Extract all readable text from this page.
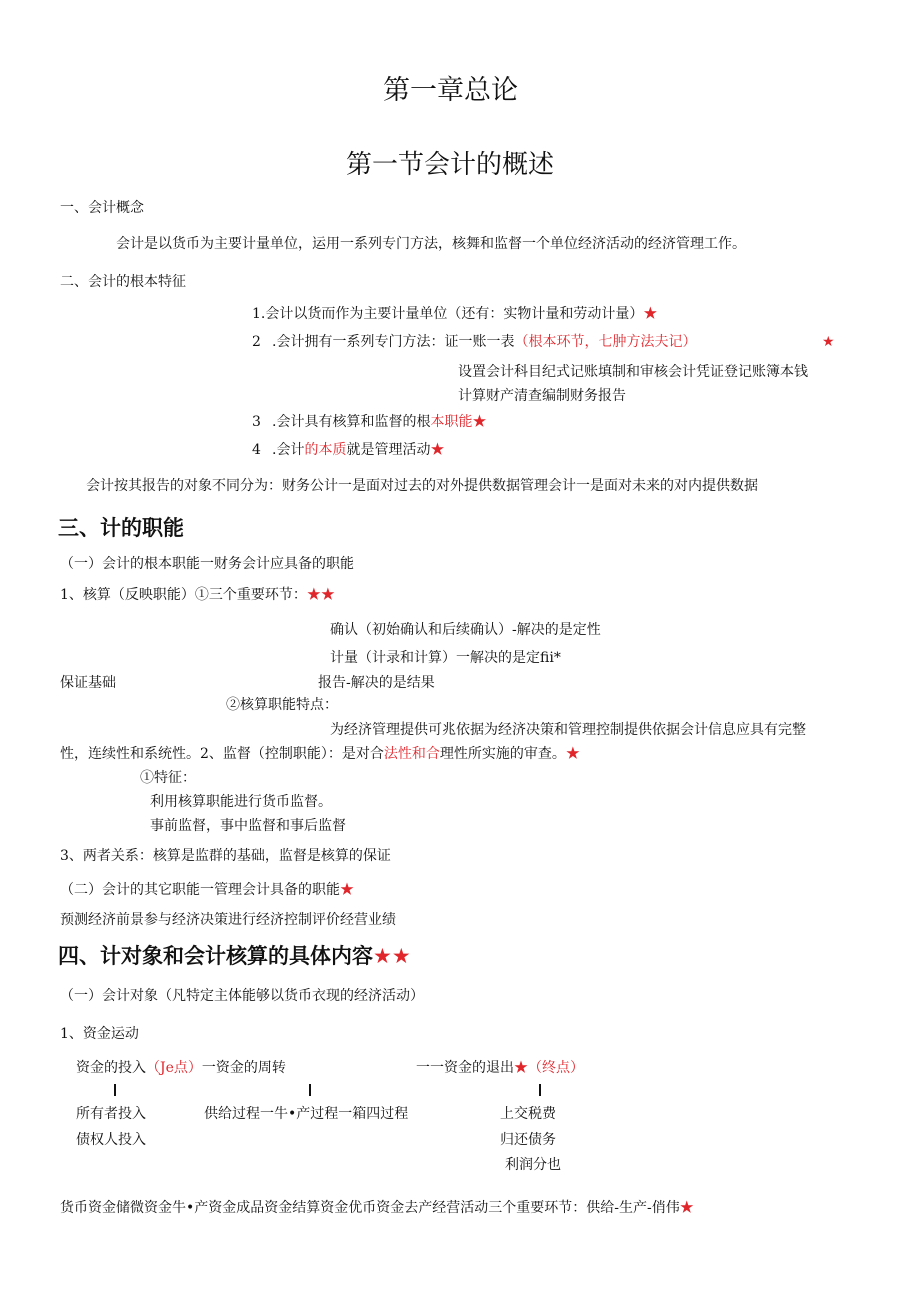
第一章总论
第一节会计的概述
一、会计概念
会计是以货币为主要计量单位，运用一系列专门方法，核舞和监督一个单位经济活动的经济管理工作。
二、会计的根本特征
1.会计以货而作为主要计量单位（还有：实物计量和劳动计量）★
2 .会计拥有一系列专门方法：证一账一表（根本环节，七肿方法夫记）	★
设置会计科目纪式记账填制和审核会计凭证登记账簿本钱
计算财产清查编制财务报告
3 .会计具有核算和监督的根本职能★
4 .会计的本质就是管理活动★
会计按其报告的对象不同分为：财务公计一是面对过去的对外提供数据管理会计一是面对未来的对内提供数据
三、计的职能
（一）会计的根本职能一财务会计应具备的职能
1、核算（反映职能）①三个重要环节：★★
确认（初始确认和后续确认）-解决的是定性
计量（计录和计算）一解决的是定fii*
保证基础	报告-解决的是结果
②核算职能特点：
为经济管理提供可兆依据为经济决策和管理控制提供依据会计信息应具有完整
性，连续性和系统性。2、监督（控制职能）：是对合法性和合理性所实施的审查。★
①特征：
利用核算职能进行货币监督。
事前监督，事中监督和事后监督
3、两者关系：核算是监群的基础，监督是核算的保证
（二）会计的其它职能一管理会计具备的职能★
预测经济前景参与经济决策进行经济控制评价经营业绩
四、计对象和会计核算的具体内容★★
（一）会计对象（凡特定主体能够以货币衣现的经济活动）
1、资金运动
资金的投入（Je点）一资金的周转	一一资金的退出★（终点）
所有者投入	供给过程一牛•产过程一箱四过程	上交税费
债权人投入	归还债务
利润分也
货币资金储微资金牛•产资金成品资金结算资金优币资金去产经营活动三个重要环节：供给-生产-俏伟★
